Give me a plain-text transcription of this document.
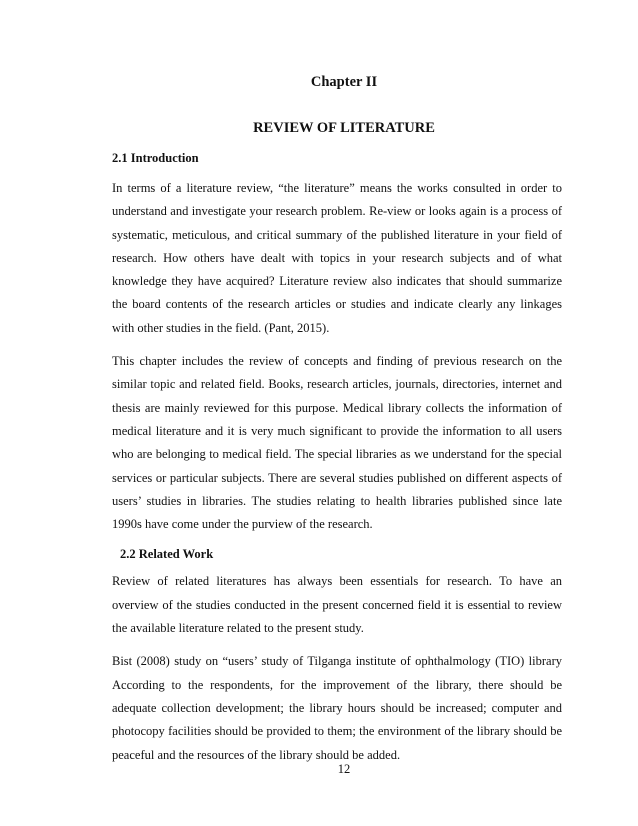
Chapter II
REVIEW OF LITERATURE

2.1 Introduction

In terms of a literature review, “the literature” means the works consulted in order to understand and investigate your research problem. Re-view or looks again is a process of systematic, meticulous, and critical summary of the published literature in your field of research. How others have dealt with topics in your research subjects and of what knowledge they have acquired? Literature review also indicates that should summarize the board contents of the research articles or studies and indicate clearly any linkages with other studies in the field. (Pant, 2015).

This chapter includes the review of concepts and finding of previous research on the similar topic and related field. Books, research articles, journals, directories, internet and thesis are mainly reviewed for this purpose. Medical library collects the information of medical literature and it is very much significant to provide the information to all users who are belonging to medical field. The special libraries as we understand for the special services or particular subjects. There are several studies published on different aspects of users’ studies in libraries. The studies relating to health libraries published since late 1990s have come under the purview of the research.

2.2 Related Work

Review of related literatures has always been essentials for research. To have an overview of the studies conducted in the present concerned field it is essential to review the available literature related to the present study.

Bist (2008) study on “users’ study of Tilganga institute of ophthalmology (TIO) library According to the respondents, for the improvement of the library, there should be adequate collection development; the library hours should be increased; computer and photocopy facilities should be provided to them; the environment of the library should be peaceful and the resources of the library should be added.

12
